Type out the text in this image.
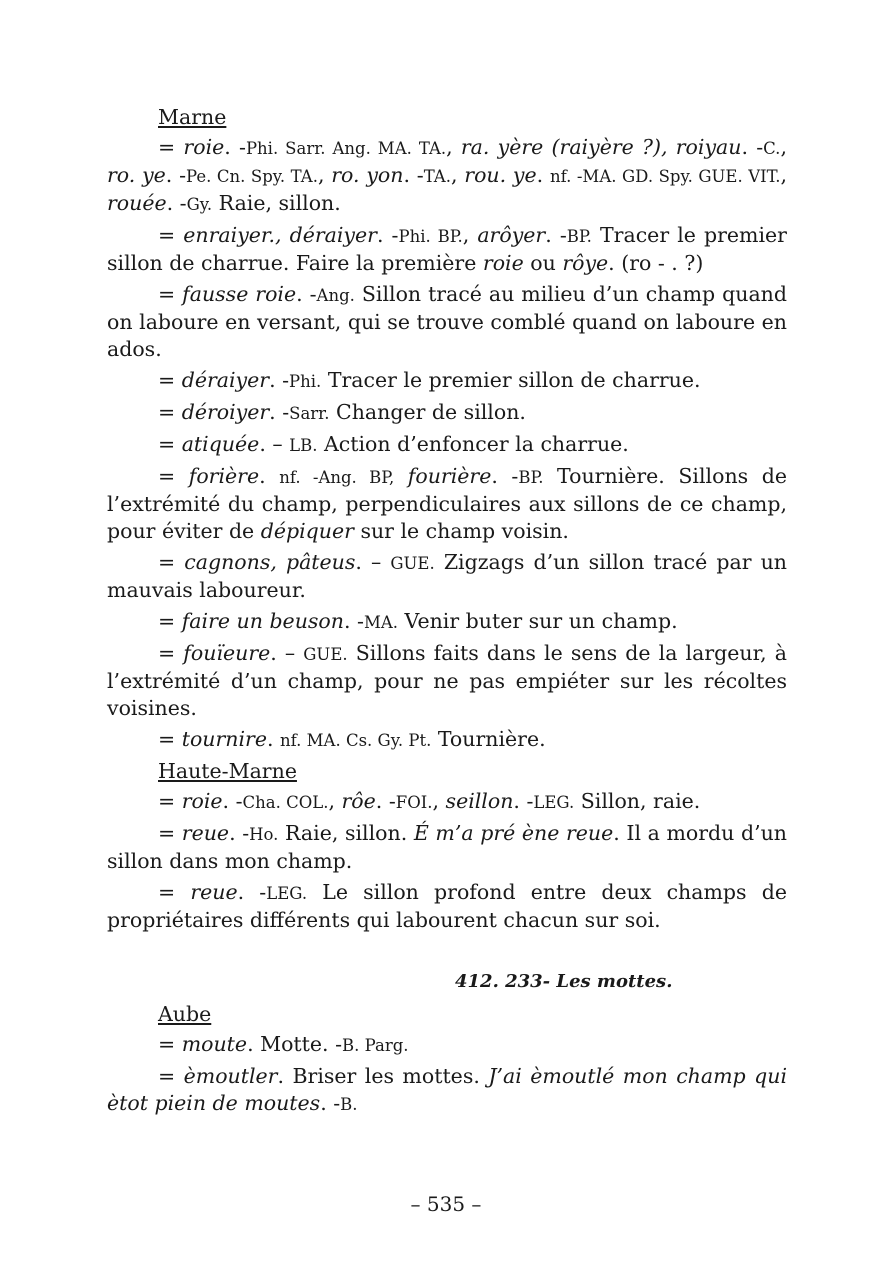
Marne

= roie. -Phi. Sarr. Ang. MA. TA., ra. yère (raiyère ?), roiyau. -C., ro. ye. -Pe. Cn. Spy. TA., ro. yon. -TA., rou. ye. nf. -MA. GD. Spy. GUE. VIT., rouée. -Gy. Raie, sillon.

= enraiyer., déraiyer. -Phi. BP., arôyer. -BP. Tracer le premier sillon de charrue. Faire la première roie ou rôye. (ro - . ?)

= fausse roie. -Ang. Sillon tracé au milieu d’un champ quand on laboure en versant, qui se trouve comblé quand on laboure en ados.

= déraiyer. -Phi. Tracer le premier sillon de charrue.

= déroiyer. -Sarr. Changer de sillon.

= atiquée. – LB. Action d’enfoncer la charrue.

= forière. nf. -Ang. BP, fourière. -BP. Tournière. Sillons de l’extrémité du champ, perpendiculaires aux sillons de ce champ, pour éviter de dépiquer sur le champ voisin.

= cagnons, pâteus. – GUE. Zigzags d’un sillon tracé par un mauvais laboureur.

= faire un beuson. -MA. Venir buter sur un champ.

= fouïeure. – GUE. Sillons faits dans le sens de la largeur, à l’extrémité d’un champ, pour ne pas empiéter sur les récoltes voisines.

= tournire. nf. MA. Cs. Gy. Pt. Tournière.

Haute-Marne

= roie. -Cha. COL., rôe. -FOI., seillon. -LEG. Sillon, raie.

= reue. -Ho. Raie, sillon. É m’a pré ène reue. Il a mordu d’un sillon dans mon champ.

= reue. -LEG. Le sillon profond entre deux champs de propriétaires différents qui labourent chacun sur soi.

412. 233- Les mottes.

Aube

= moute. Motte. -B. Parg.

= èmoutler. Briser les mottes. J’ai èmoutlé mon champ qui ètot piein de moutes. -B.

– 535 –
